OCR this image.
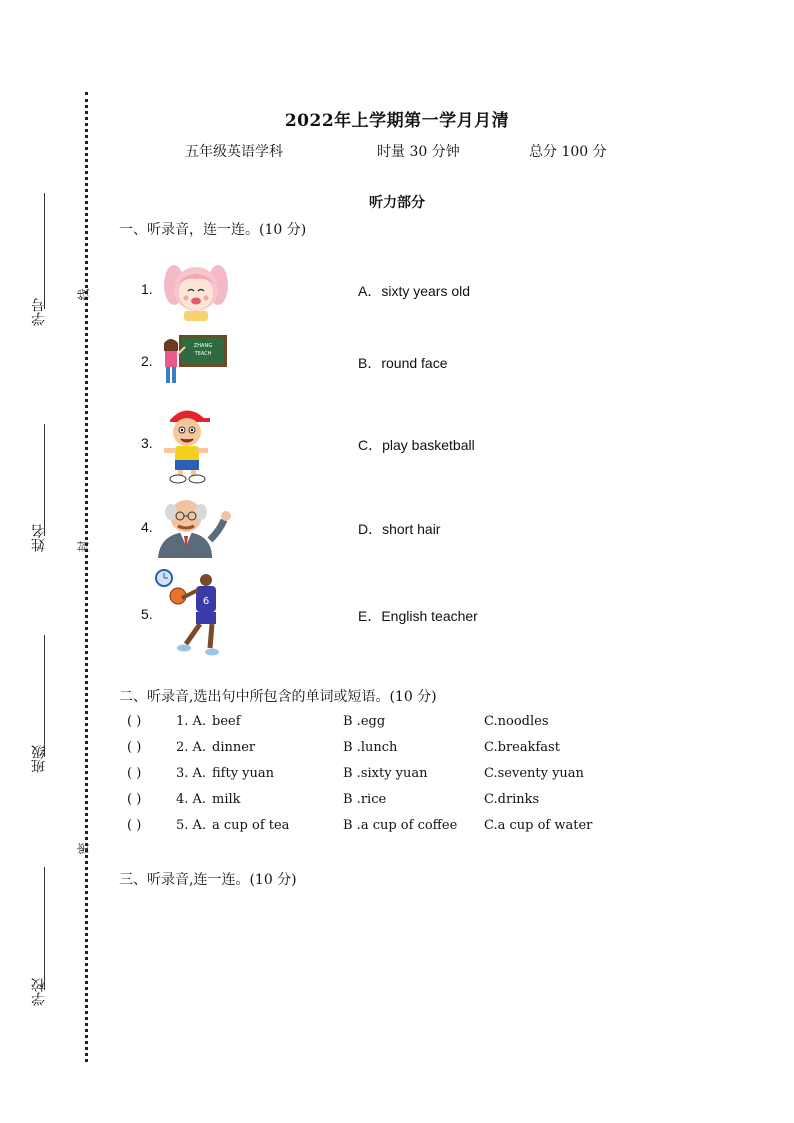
学号
姓名
班级
学校
线
封
密
2022年上学期第一学月月清
五年级英语学科	时量 30 分钟	总分 100 分
听力部分
一、听录音，连一连。(10 分)
1.
2.
3.
4.
5.
A．sixty years old
B．round face
C．play basketball
D．short hair
E．English teacher
ZHANG
TEACH
6
二、听录音,选出句中所包含的单词或短语。(10 分)
( )	1. A. beef	B .egg	C.noodles
( )	2. A. dinner	B .lunch	C.breakfast
( )	3. A. fifty yuan	B .sixty yuan	C.seventy yuan
( )	4. A. milk	B .rice	C.drinks
( )	5. A. a cup of tea	B .a cup of coffee C.a cup of water
三、听录音,连一连。(10 分)
